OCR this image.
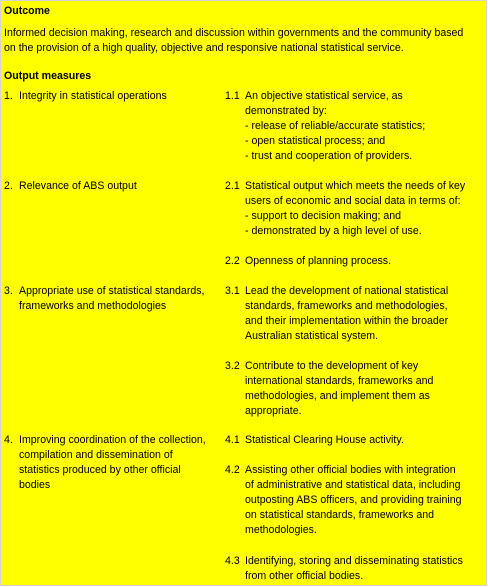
Outcome
Informed decision making, research and discussion within governments and the community based
on the provision of a high quality, objective and responsive national statistical service.
Output measures
1. Integrity in statistical operations	1.1 An objective statistical service, as
demonstrated by:
- release of reliable/accurate statistics;
- open statistical process; and
- trust and cooperation of providers.
2. Relevance of ABS output	2.1 Statistical output which meets the needs of key
users of economic and social data in terms of:
- support to decision making; and
- demonstrated by a high level of use.
2.2 Openness of planning process.
3. Appropriate use of statistical standards,
frameworks and methodologies
3.1 Lead the development of national statistical
standards, frameworks and methodologies,
and their implementation within the broader
Australian statistical system.
3.2 Contribute to the development of key
international standards, frameworks and
methodologies, and implement them as
appropriate.
4. Improving coordination of the collection,
compilation and dissemination of
statistics produced by other official
bodies
4.1 Statistical Clearing House activity.
4.2 Assisting other official bodies with integration
of administrative and statistical data, including
outposting ABS officers, and providing training
on statistical standards, frameworks and
methodologies.
4.3 Identifying, storing and disseminating statistics
from other official bodies.
